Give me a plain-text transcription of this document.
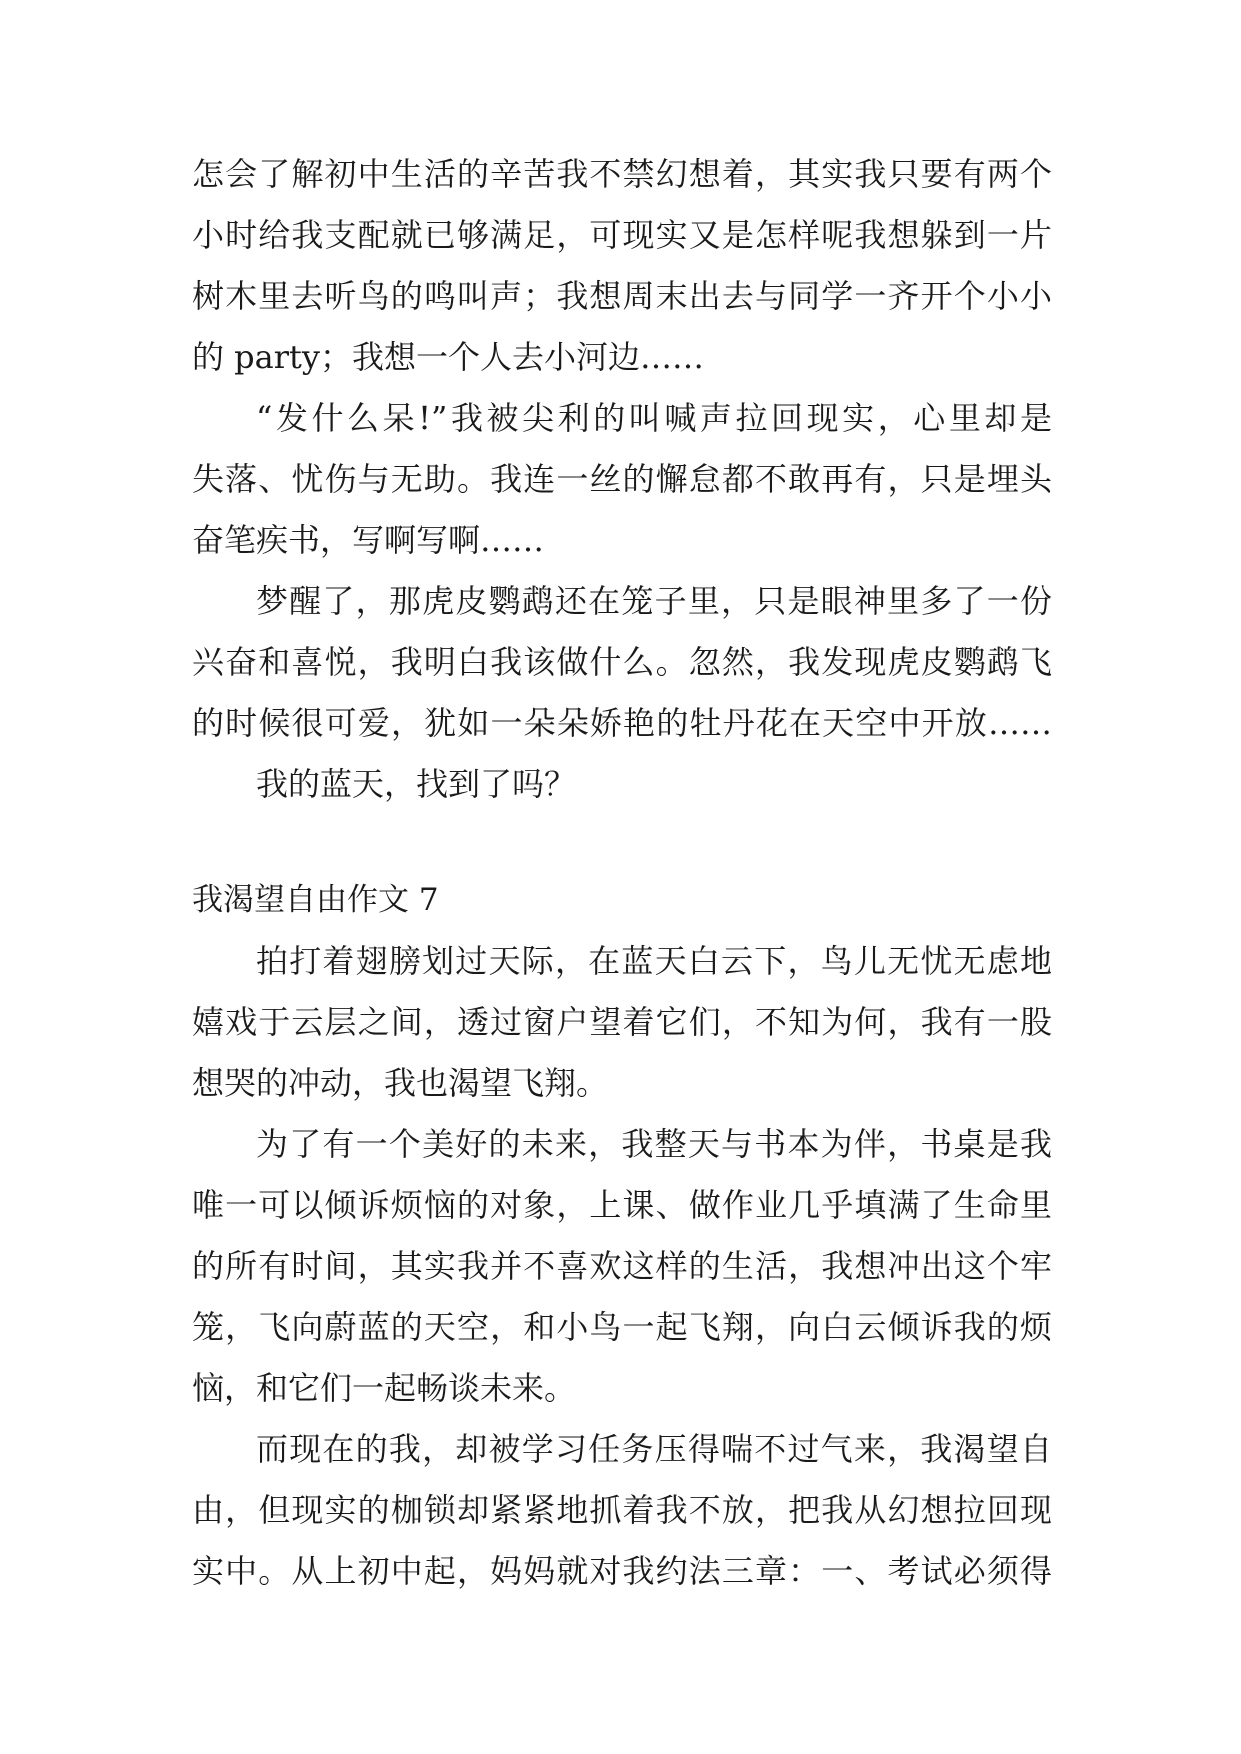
怎会了解初中生活的辛苦我不禁幻想着，其实我只要有两个
小时给我支配就已够满足，可现实又是怎样呢我想躲到一片
树木里去听鸟的鸣叫声；我想周末出去与同学一齐开个小小
的 party；我想一个人去小河边……
“发什么呆!”我被尖利的叫喊声拉回现实，心里却是
失落、忧伤与无助。我连一丝的懈怠都不敢再有，只是埋头
奋笔疾书，写啊写啊……
梦醒了，那虎皮鹦鹉还在笼子里，只是眼神里多了一份
兴奋和喜悦，我明白我该做什么。忽然，我发现虎皮鹦鹉飞
的时候很可爱，犹如一朵朵娇艳的牡丹花在天空中开放……
我的蓝天，找到了吗？
我渴望自由作文 7
拍打着翅膀划过天际，在蓝天白云下，鸟儿无忧无虑地
嬉戏于云层之间，透过窗户望着它们，不知为何，我有一股
想哭的冲动，我也渴望飞翔。
为了有一个美好的未来，我整天与书本为伴，书桌是我
唯一可以倾诉烦恼的对象，上课、做作业几乎填满了生命里
的所有时间，其实我并不喜欢这样的生活，我想冲出这个牢
笼，飞向蔚蓝的天空，和小鸟一起飞翔，向白云倾诉我的烦
恼，和它们一起畅谈未来。
而现在的我，却被学习任务压得喘不过气来，我渴望自
由，但现实的枷锁却紧紧地抓着我不放，把我从幻想拉回现
实中。从上初中起，妈妈就对我约法三章：一、考试必须得
